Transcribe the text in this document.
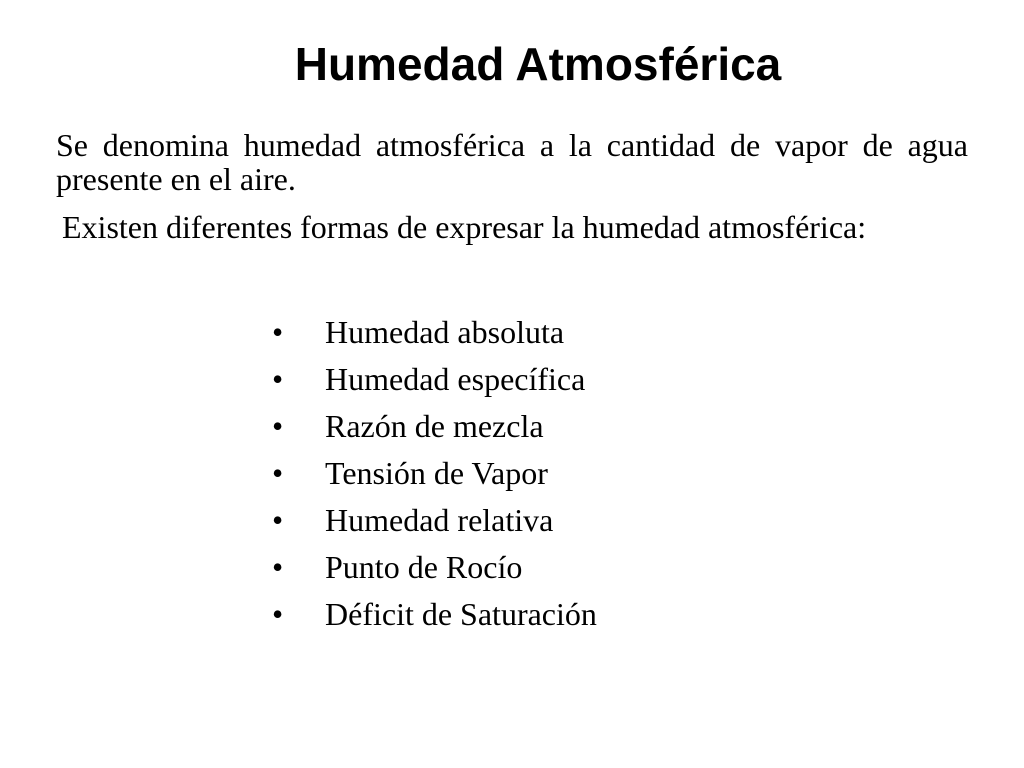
Humedad Atmosférica

Se denomina humedad atmosférica a la cantidad de vapor de agua presente en el aire.

Existen diferentes formas de expresar la humedad atmosférica:

• Humedad absoluta
• Humedad específica
• Razón de mezcla
• Tensión de Vapor
• Humedad relativa
• Punto de Rocío
• Déficit de Saturación
